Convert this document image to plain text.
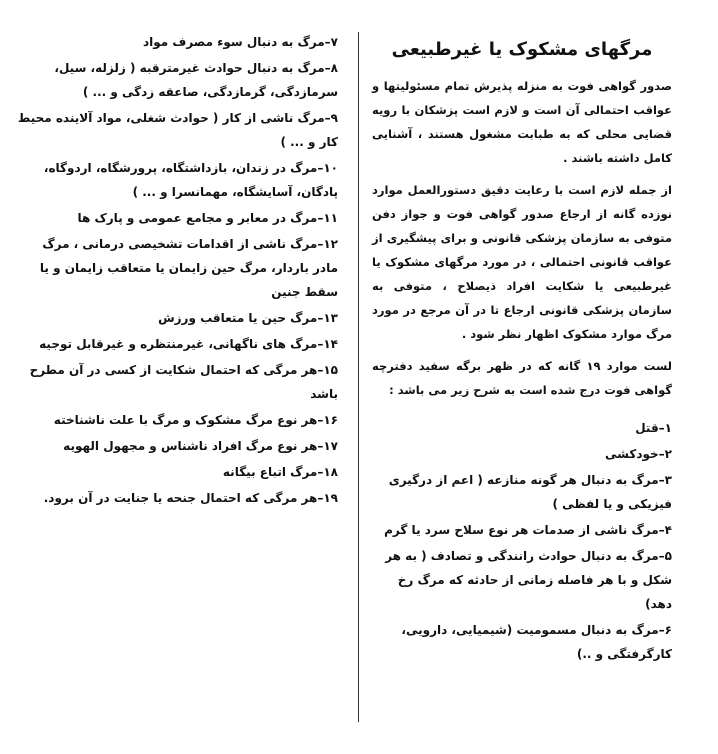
مرگهای مشکوک یا غیرطبیعی

صدور گواهی فوت به منزله پذیرش تمام مسئولیتها و عواقب احتمالی آن است و لازم است پزشکان با رویه قضایی محلی که به طبابت مشغول هستند ، آشنایی کامل داشته باشند .

از جمله لازم است با رعایت دقیق دستورالعمل موارد نوزده گانه از ارجاع صدور گواهی فوت و جواز دفن متوفی به سازمان پزشکی قانونی و برای پیشگیری از عواقب قانونی احتمالی ، در مورد مرگهای مشکوک یا غیرطبیعی یا شکایت افراد ذیصلاح ، متوفی به سازمان پزشکی قانونی ارجاع تا در آن مرجع در مورد مرگ موارد مشکوک اظهار نظر شود .

لست موارد ۱۹ گانه که در ظهر برگه سفید دفترچه گواهی فوت درج شده است به شرح زیر می باشد :

۱–قتل
۲–خودکشی
۳–مرگ به دنبال هر گونه منازعه ( اعم از درگیری فیزیکی و یا لفظی )
۴–مرگ ناشی از صدمات هر نوع سلاح سرد یا گرم
۵–مرگ به دنبال حوادث رانندگی و تصادف ( به هر شکل و با هر فاصله زمانی از حادثه که مرگ رخ دهد)
۶–مرگ به دنبال مسمومیت (شیمیایی، دارویی، کارگرفتگی و ..)
۷–مرگ به دنبال سوء مصرف مواد
۸–مرگ به دنبال حوادث غیرمترقبه ( زلزله، سیل، سرمازدگی، گرمازدگی، صاعقه زدگی و ... )
۹–مرگ ناشی از کار ( حوادث شغلی، مواد آلاینده محیط کار و ... )
۱۰–مرگ در زندان، بازداشتگاه، پرورشگاه، اردوگاه، پادگان، آسایشگاه، مهمانسرا و ... )
۱۱–مرگ در معابر و مجامع عمومی و پارک ها
۱۲–مرگ ناشی از اقدامات تشخیصی درمانی ، مرگ مادر باردار، مرگ حین زایمان یا متعاقب زایمان و یا سقط جنین
۱۳–مرگ حین یا متعاقب ورزش
۱۴–مرگ های ناگهانی، غیرمنتظره و غیرقابل توجیه
۱۵–هر مرگی که احتمال شکایت از کسی در آن مطرح باشد
۱۶–هر نوع مرگ مشکوک و مرگ با علت ناشناخته
۱۷–هر نوع مرگ افراد ناشناس و مجهول الهویه
۱۸–مرگ اتباع بیگانه
۱۹–هر مرگی که احتمال جنحه یا جنایت در آن برود.
